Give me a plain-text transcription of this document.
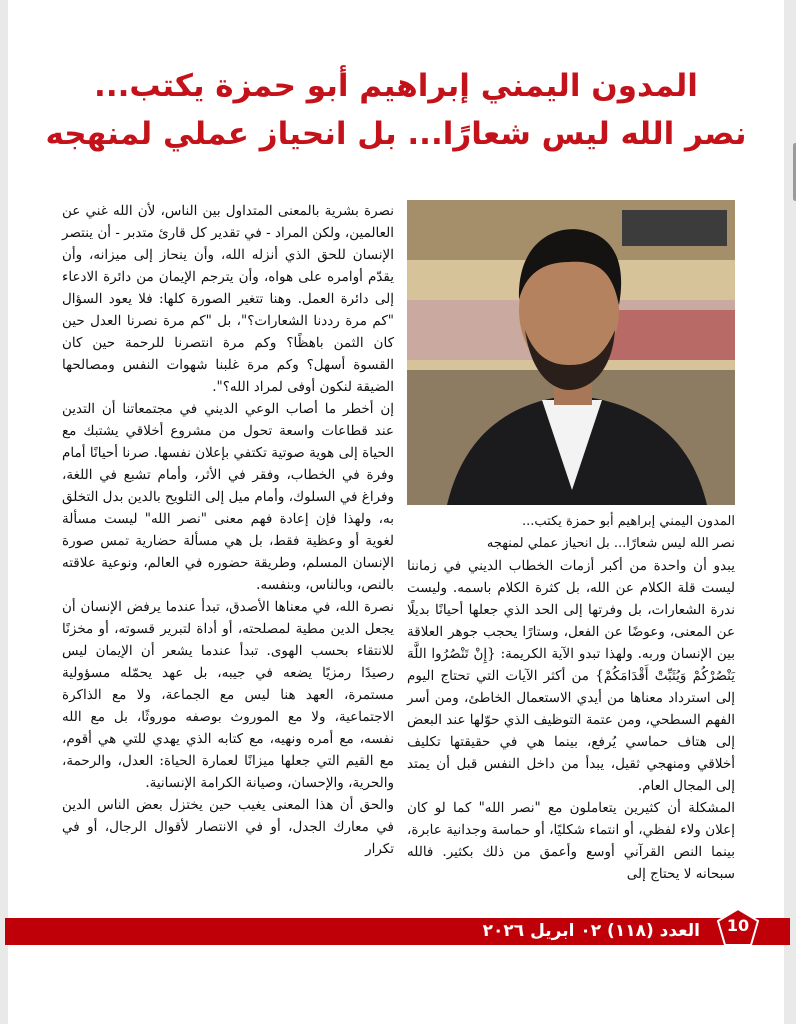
المدون اليمني إبراهيم أبو حمزة يكتب...
نصر الله ليس شعارًا... بل انحياز عملي لمنهجه
المدون اليمني إبراهيم أبو حمزة يكتب...
نصر الله ليس شعارًا... بل انحياز عملي لمنهجه

يبدو أن واحدة من أكبر أزمات الخطاب الديني في زماننا ليست قلة الكلام عن الله، بل كثرة الكلام باسمه. وليست ندرة الشعارات، بل وفرتها إلى الحد الذي جعلها أحيانًا بديلًا عن المعنى، وعوضًا عن الفعل، وستارًا يحجب جوهر العلاقة بين الإنسان وربه. ولهذا تبدو الآية الكريمة: {إِنْ تَنْصُرُوا اللَّهَ يَنْصُرْكُمْ وَيُثَبِّتْ أَقْدَامَكُمْ} من أكثر الآيات التي تحتاج اليوم إلى استرداد معناها من أيدي الاستعمال الخاطئ، ومن أسر الفهم السطحي، ومن عتمة التوظيف الذي حوّلها عند البعض إلى هتاف حماسي يُرفع، بينما هي في حقيقتها تكليف أخلاقي ومنهجي ثقيل، يبدأ من داخل النفس قبل أن يمتد إلى المجال العام.

المشكلة أن كثيرين يتعاملون مع "نصر الله" كما لو كان إعلان ولاء لفظي، أو انتماء شكليًا، أو حماسة وجدانية عابرة، بينما النص القرآني أوسع وأعمق من ذلك بكثير. فالله سبحانه لا يحتاج إلى

نصرة بشرية بالمعنى المتداول بين الناس، لأن الله غني عن العالمين، ولكن المراد - في تقدير كل قارئ متدبر - أن ينتصر الإنسان للحق الذي أنزله الله، وأن ينحاز إلى ميزانه، وأن يقدّم أوامره على هواه، وأن يترجم الإيمان من دائرة الادعاء إلى دائرة العمل. وهنا تتغير الصورة كلها: فلا يعود السؤال "كم مرة رددنا الشعارات؟"، بل "كم مرة نصرنا العدل حين كان الثمن باهظًا؟ وكم مرة انتصرنا للرحمة حين كان القسوة أسهل؟ وكم مرة غلبنا شهوات النفس ومصالحها الضيقة لنكون أوفى لمراد الله؟".

إن أخطر ما أصاب الوعي الديني في مجتمعاتنا أن التدين عند قطاعات واسعة تحول من مشروع أخلاقي يشتبك مع الحياة إلى هوية صوتية تكتفي بإعلان نفسها. صرنا أحيانًا أمام وفرة في الخطاب، وفقر في الأثر، وأمام تشبع في اللغة، وفراغ في السلوك، وأمام ميل إلى التلويح بالدين بدل التخلق به، ولهذا فإن إعادة فهم معنى "نصر الله" ليست مسألة لغوية أو وعظية فقط، بل هي مسألة حضارية تمس صورة الإنسان المسلم، وطريقة حضوره في العالم، ونوعية علاقته بالنص، وبالناس، وبنفسه.

نصرة الله، في معناها الأصدق، تبدأ عندما يرفض الإنسان أن يجعل الدين مطية لمصلحته، أو أداة لتبرير قسوته، أو مخزنًا للانتقاء بحسب الهوى. تبدأ عندما يشعر أن الإيمان ليس رصيدًا رمزيًا يضعه في جيبه، بل عهد يحمّله مسؤولية مستمرة، العهد هنا ليس مع الجماعة، ولا مع الذاكرة الاجتماعية، ولا مع الموروث بوصفه موروثًا، بل مع الله نفسه، مع أمره ونهيه، مع كتابه الذي يهدي للتي هي أقوم، مع القيم التي جعلها ميزانًا لعمارة الحياة: العدل، والرحمة، والحرية، والإحسان، وصيانة الكرامة الإنسانية.

والحق أن هذا المعنى يغيب حين يختزل بعض الناس الدين في معارك الجدل، أو في الانتصار لأقوال الرجال، أو في تكرار

العدد (١١٨) ٠٢ ابريل ٢٠٢٦	10
